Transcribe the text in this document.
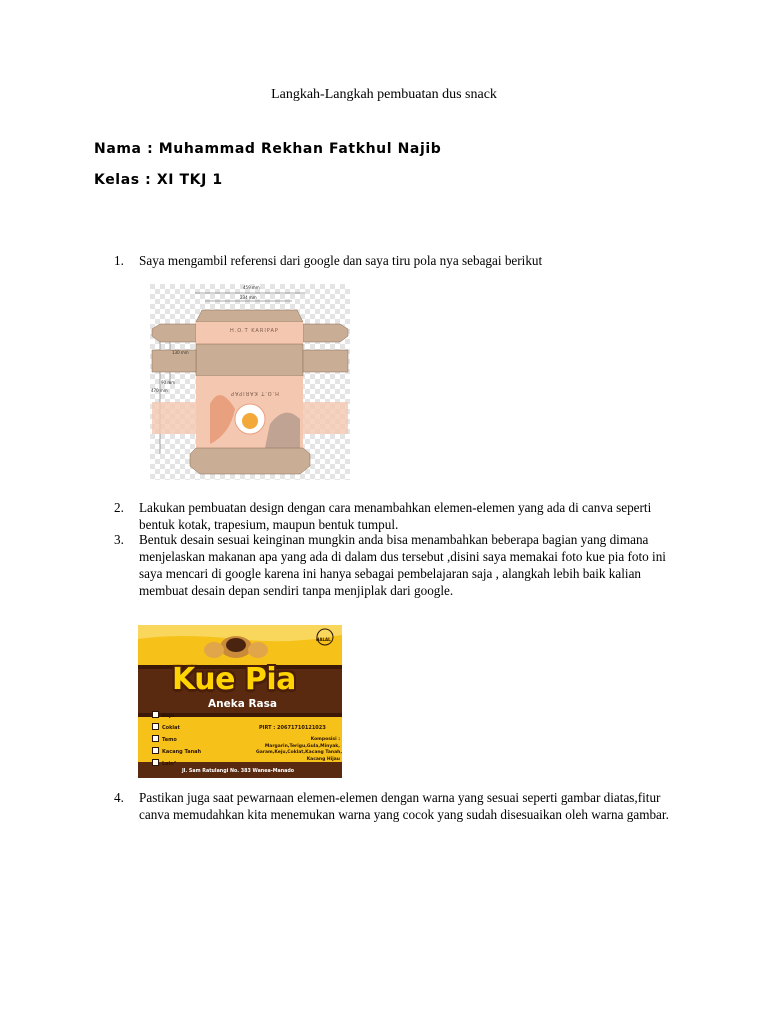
Langkah-Langkah pembuatan dus snack
Nama : Muhammad Rekhan Fatkhul Najib
Kelas : XI TKJ 1
1. Saya mengambil referensi dari google dan saya tiru pola nya sebagai berikut
459 mm
234 mm
130 mm
90 mm
470 mm
H.O.T KARIPAP
H.O.T KARIPAP
2. Lakukan pembuatan design dengan cara menambahkan elemen-elemen yang ada di canva seperti bentuk kotak, trapesium, maupun bentuk tumpul.
3. Bentuk desain sesuai keinginan mungkin anda bisa menambahkan beberapa bagian yang dimana menjelaskan makanan apa yang ada di dalam dus tersebut ,disini saya memakai foto kue pia foto ini saya mencari di google karena ini hanya sebagai pembelajaran saja , alangkah lebih baik kalian membuat desain depan sendiri tanpa menjiplak dari google.
Kue Pia
Aneka Rasa
HALAL
Keju
Coklat
Temo
Kacang Tanah
Lain²
PIRT : 2067171012102З
Komposisi :
Margarin,Terigu,Gula,Minyak,
Garam,Keju,Coklat,Kacang Tanah,
Kacang Hijau
Jl. Sam Ratulangi No. 383 Wanea-Manado
4. Pastikan juga saat pewarnaan elemen-elemen dengan warna yang sesuai seperti gambar diatas,fitur canva memudahkan kita menemukan warna yang cocok yang sudah disesuaikan oleh warna gambar.
